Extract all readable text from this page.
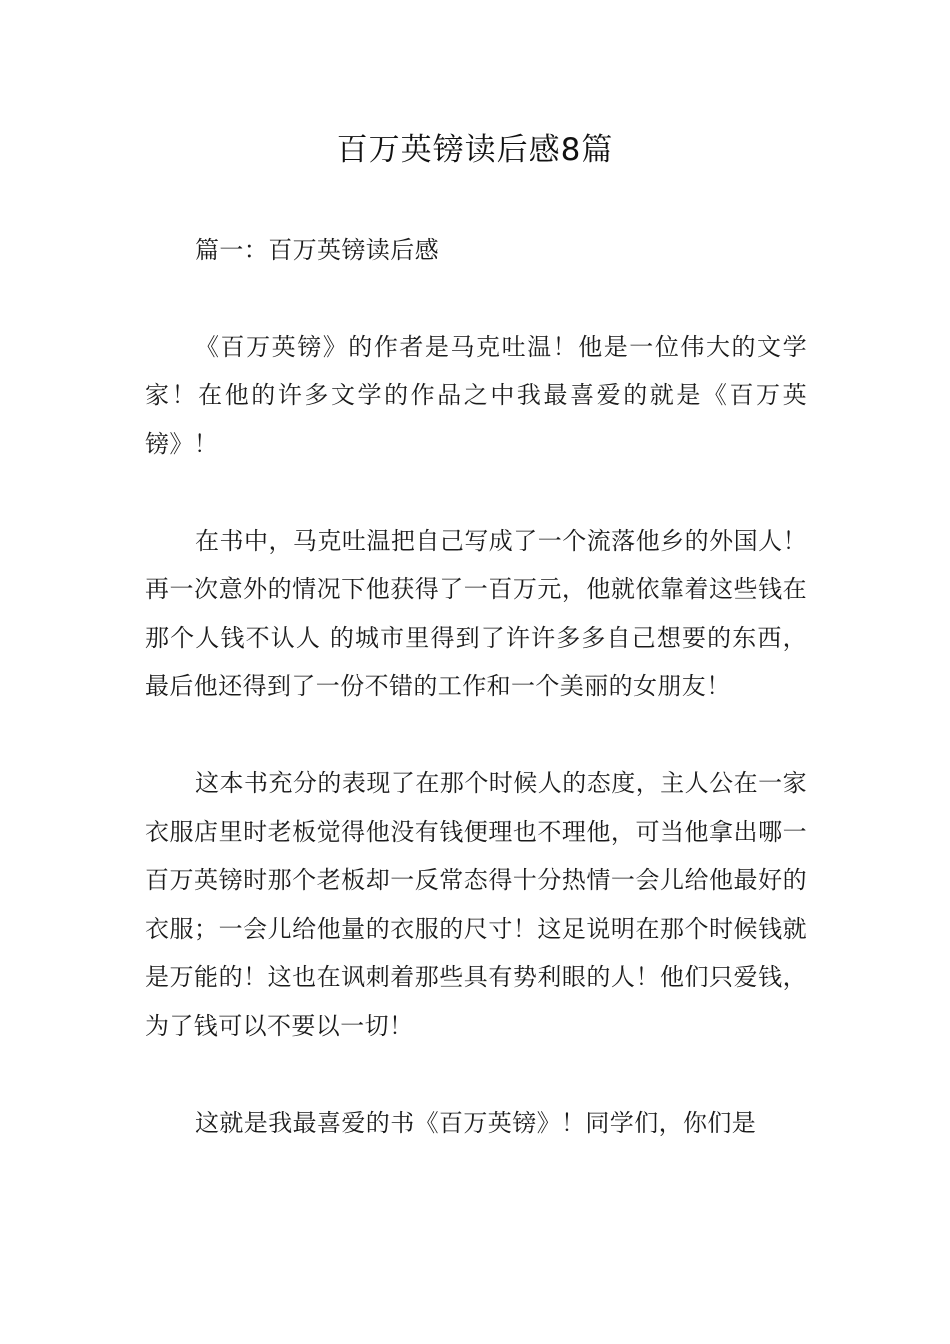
百万英镑读后感8篇

篇一：百万英镑读后感

《百万英镑》的作者是马克吐温！他是一位伟大的文学家！在他的许多文学的作品之中我最喜爱的就是《百万英镑》！

在书中，马克吐温把自己写成了一个流落他乡的外国人！再一次意外的情况下他获得了一百万元，他就依靠着这些钱在那个人钱不认人 的城市里得到了许许多多自己想要的东西，最后他还得到了一份不错的工作和一个美丽的女朋友！

这本书充分的表现了在那个时候人的态度，主人公在一家衣服店里时老板觉得他没有钱便理也不理他，可当他拿出哪一百万英镑时那个老板却一反常态得十分热情一会儿给他最好的衣服；一会儿给他量的衣服的尺寸！这足说明在那个时候钱就是万能的！这也在讽刺着那些具有势利眼的人！他们只爱钱，为了钱可以不要以一切！

这就是我最喜爱的书《百万英镑》！同学们，你们是
